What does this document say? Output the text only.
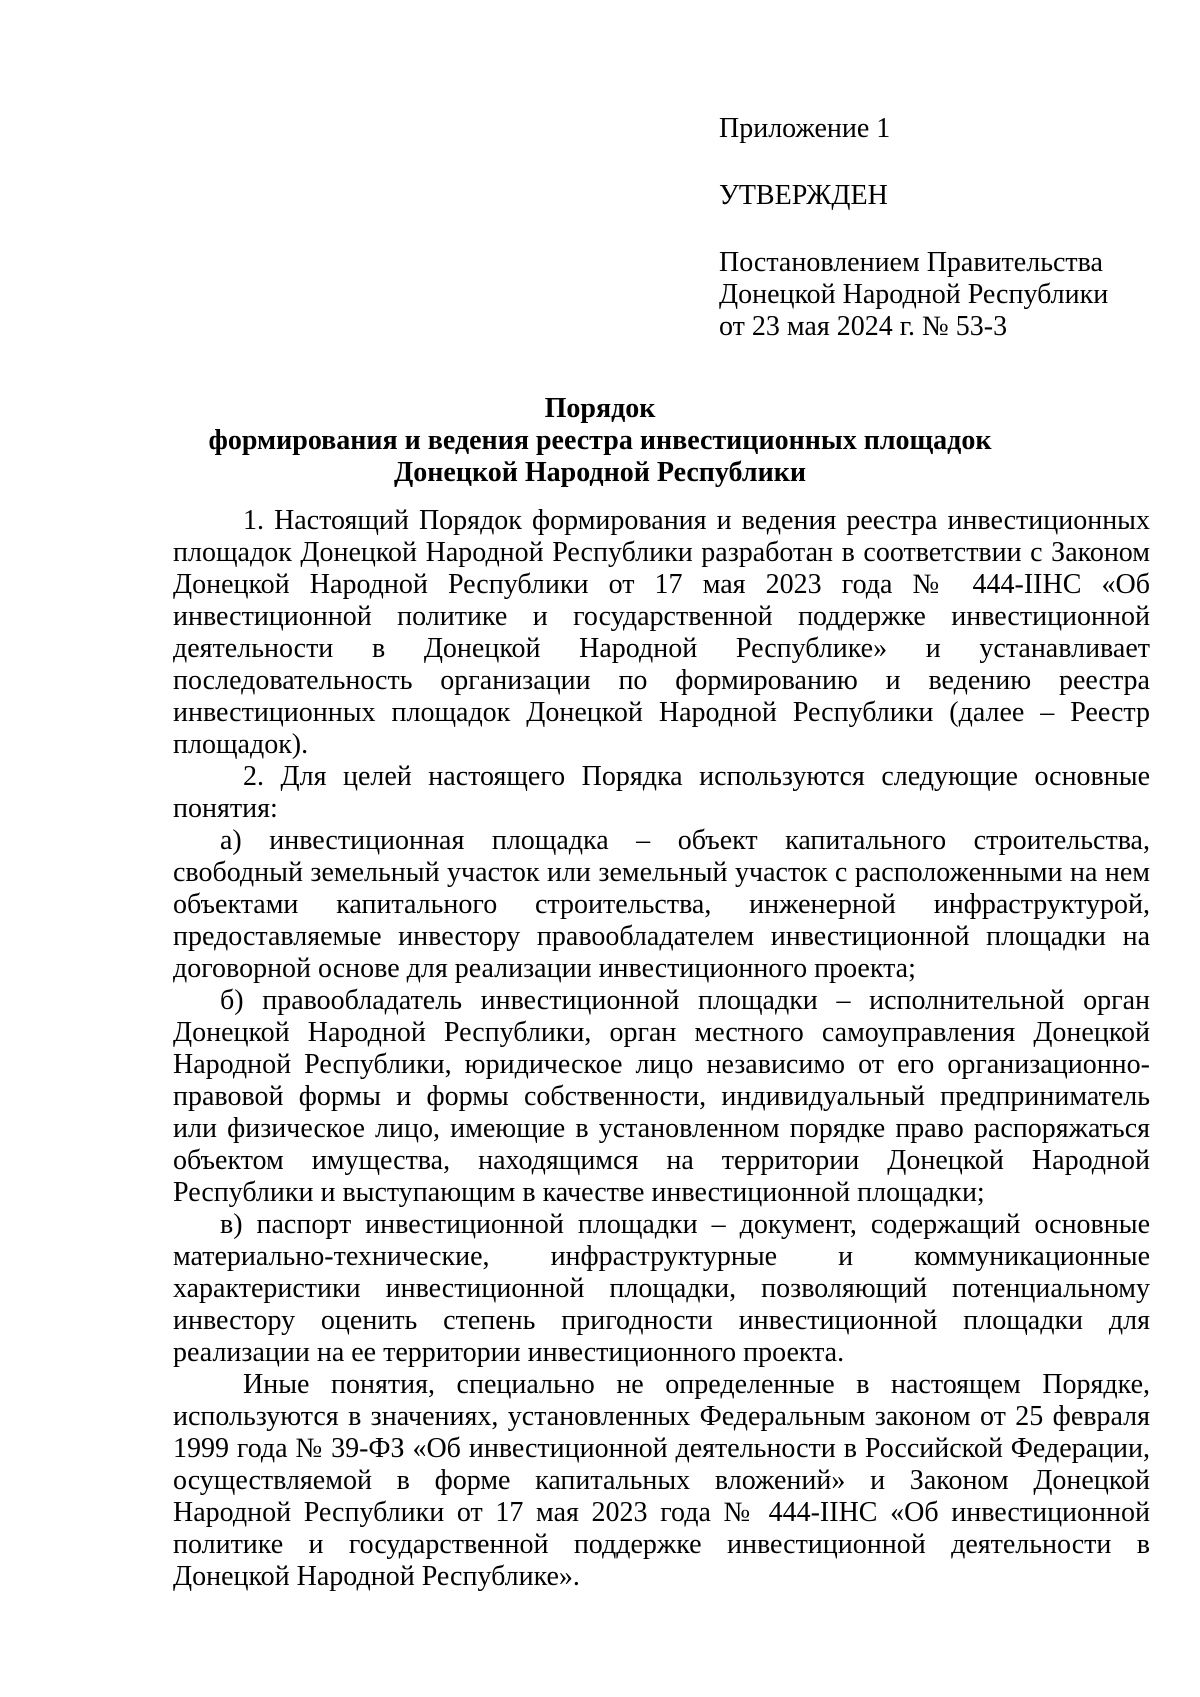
Приложение 1

УТВЕРЖДЕН

Постановлением Правительства
Донецкой Народной Республики
от 23 мая 2024 г. № 53-3

Порядок
формирования и ведения реестра инвестиционных площадок
Донецкой Народной Республики

1. Настоящий Порядок формирования и ведения реестра инвестиционных площадок Донецкой Народной Республики разработан в соответствии с Законом Донецкой Народной Республики от 17 мая 2023 года № 444-IIНС «Об инвестиционной политике и государственной поддержке инвестиционной деятельности в Донецкой Народной Республике» и устанавливает последовательность организации по формированию и ведению реестра инвестиционных площадок Донецкой Народной Республики (далее – Реестр площадок).

2. Для целей настоящего Порядка используются следующие основные понятия:

а) инвестиционная площадка – объект капитального строительства, свободный земельный участок или земельный участок с расположенными на нем объектами капитального строительства, инженерной инфраструктурой, предоставляемые инвестору правообладателем инвестиционной площадки на договорной основе для реализации инвестиционного проекта;

б) правообладатель инвестиционной площадки – исполнительной орган Донецкой Народной Республики, орган местного самоуправления Донецкой Народной Республики, юридическое лицо независимо от его организационно-правовой формы и формы собственности, индивидуальный предприниматель или физическое лицо, имеющие в установленном порядке право распоряжаться объектом имущества, находящимся на территории Донецкой Народной Республики и выступающим в качестве инвестиционной площадки;

в) паспорт инвестиционной площадки – документ, содержащий основные материально-технические, инфраструктурные и коммуникационные характеристики инвестиционной площадки, позволяющий потенциальному инвестору оценить степень пригодности инвестиционной площадки для реализации на ее территории инвестиционного проекта.

Иные понятия, специально не определенные в настоящем Порядке, используются в значениях, установленных Федеральным законом от 25 февраля 1999 года № 39-ФЗ «Об инвестиционной деятельности в Российской Федерации, осуществляемой в форме капитальных вложений» и Законом Донецкой Народной Республики от 17 мая 2023 года № 444-IIНС «Об инвестиционной политике и государственной поддержке инвестиционной деятельности в Донецкой Народной Республике».
